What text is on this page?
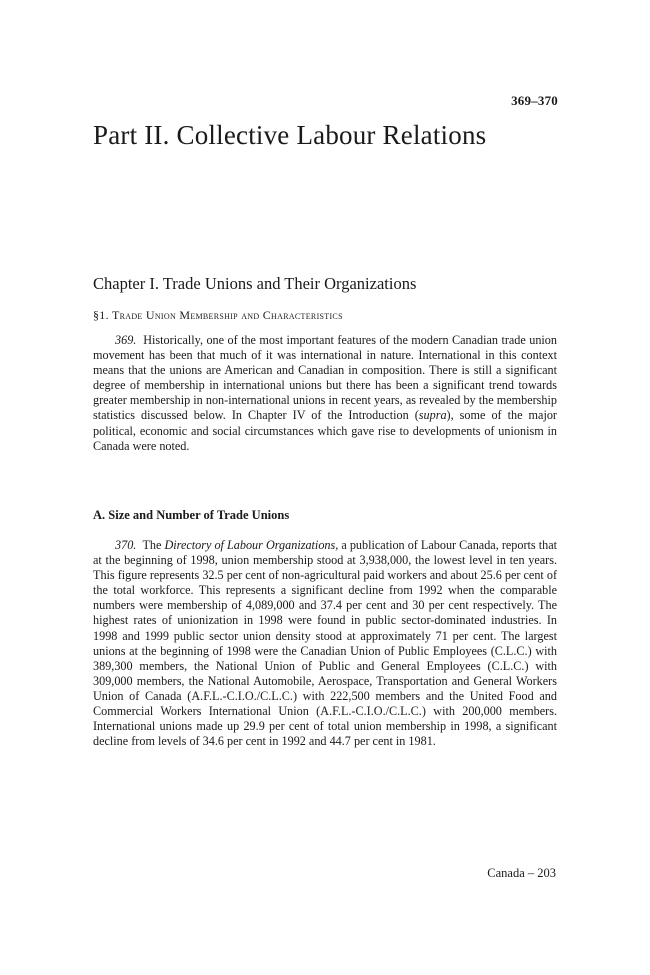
369–370
Part II. Collective Labour Relations
Chapter I. Trade Unions and Their Organizations
§1. Trade Union Membership and Characteristics

369. Historically, one of the most important features of the modern Canadian trade union movement has been that much of it was international in nature. International in this context means that the unions are American and Canadian in composition. There is still a significant degree of membership in international unions but there has been a significant trend towards greater membership in non-international unions in recent years, as revealed by the membership statistics discussed below. In Chapter IV of the Introduction (supra), some of the major political, economic and social circumstances which gave rise to developments of unionism in Canada were noted.

A. Size and Number of Trade Unions

370. The Directory of Labour Organizations, a publication of Labour Canada, reports that at the beginning of 1998, union membership stood at 3,938,000, the lowest level in ten years. This figure represents 32.5 per cent of non-agricultural paid workers and about 25.6 per cent of the total workforce. This represents a significant decline from 1992 when the comparable numbers were membership of 4,089,000 and 37.4 per cent and 30 per cent respectively. The highest rates of unionization in 1998 were found in public sector-dominated industries. In 1998 and 1999 public sector union density stood at approximately 71 per cent. The largest unions at the beginning of 1998 were the Canadian Union of Public Employees (C.L.C.) with 389,300 members, the National Union of Public and General Employees (C.L.C.) with 309,000 members, the National Automobile, Aerospace, Transportation and General Workers Union of Canada (A.F.L.-C.I.O./C.L.C.) with 222,500 members and the United Food and Commercial Workers International Union (A.F.L.-C.I.O./C.L.C.) with 200,000 members. International unions made up 29.9 per cent of total union membership in 1998, a significant decline from levels of 34.6 per cent in 1992 and 44.7 per cent in 1981.

Canada – 203
